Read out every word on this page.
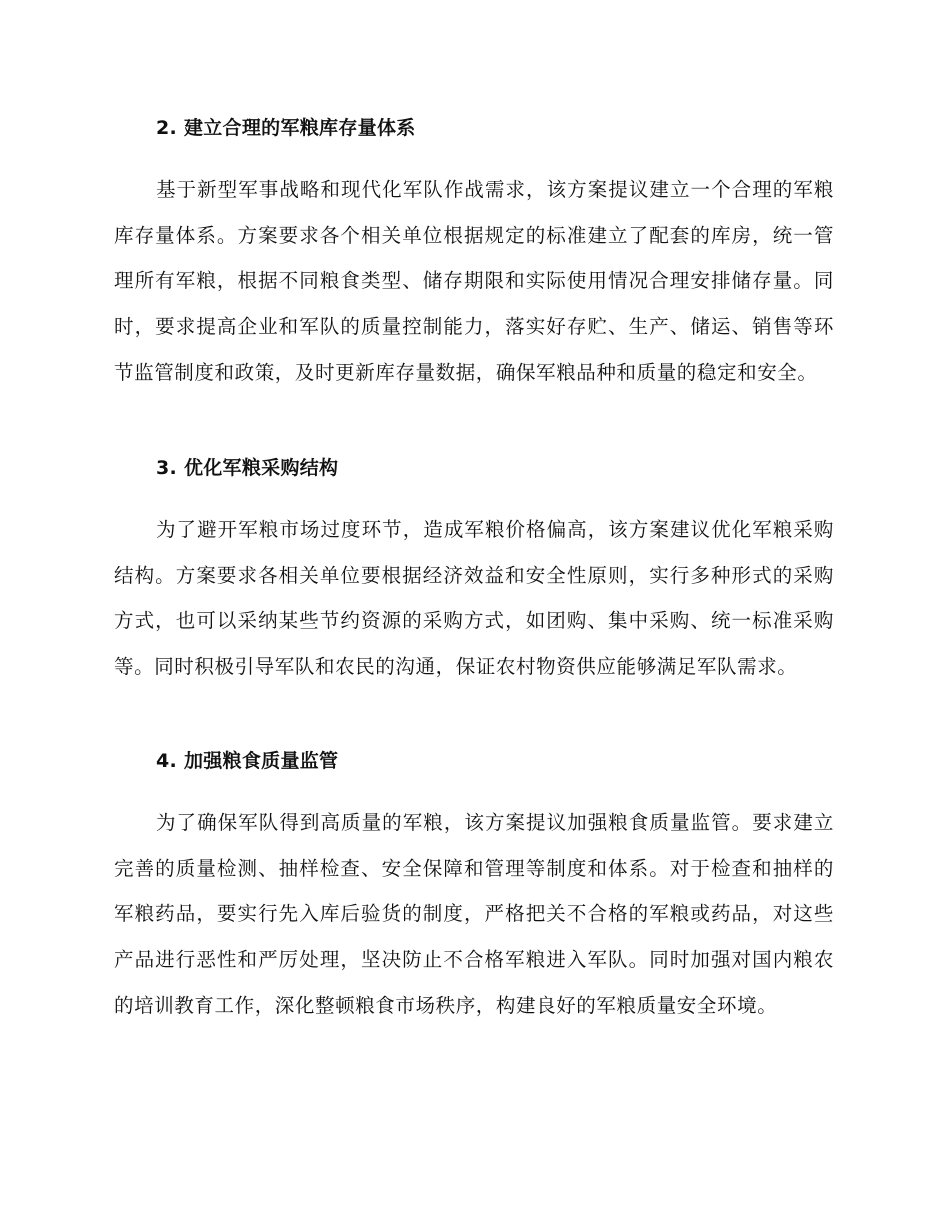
2. 建立合理的军粮库存量体系

基于新型军事战略和现代化军队作战需求，该方案提议建立一个合理的军粮库存量体系。方案要求各个相关单位根据规定的标准建立了配套的库房，统一管理所有军粮，根据不同粮食类型、储存期限和实际使用情况合理安排储存量。同时，要求提高企业和军队的质量控制能力，落实好存贮、生产、储运、销售等环节监管制度和政策，及时更新库存量数据，确保军粮品种和质量的稳定和安全。

3. 优化军粮采购结构

为了避开军粮市场过度环节，造成军粮价格偏高，该方案建议优化军粮采购结构。方案要求各相关单位要根据经济效益和安全性原则，实行多种形式的采购方式，也可以采纳某些节约资源的采购方式，如团购、集中采购、统一标准采购等。同时积极引导军队和农民的沟通，保证农村物资供应能够满足军队需求。

4. 加强粮食质量监管

为了确保军队得到高质量的军粮，该方案提议加强粮食质量监管。要求建立完善的质量检测、抽样检查、安全保障和管理等制度和体系。对于检查和抽样的军粮药品，要实行先入库后验货的制度，严格把关不合格的军粮或药品，对这些产品进行恶性和严厉处理，坚决防止不合格军粮进入军队。同时加强对国内粮农的培训教育工作，深化整顿粮食市场秩序，构建良好的军粮质量安全环境。
